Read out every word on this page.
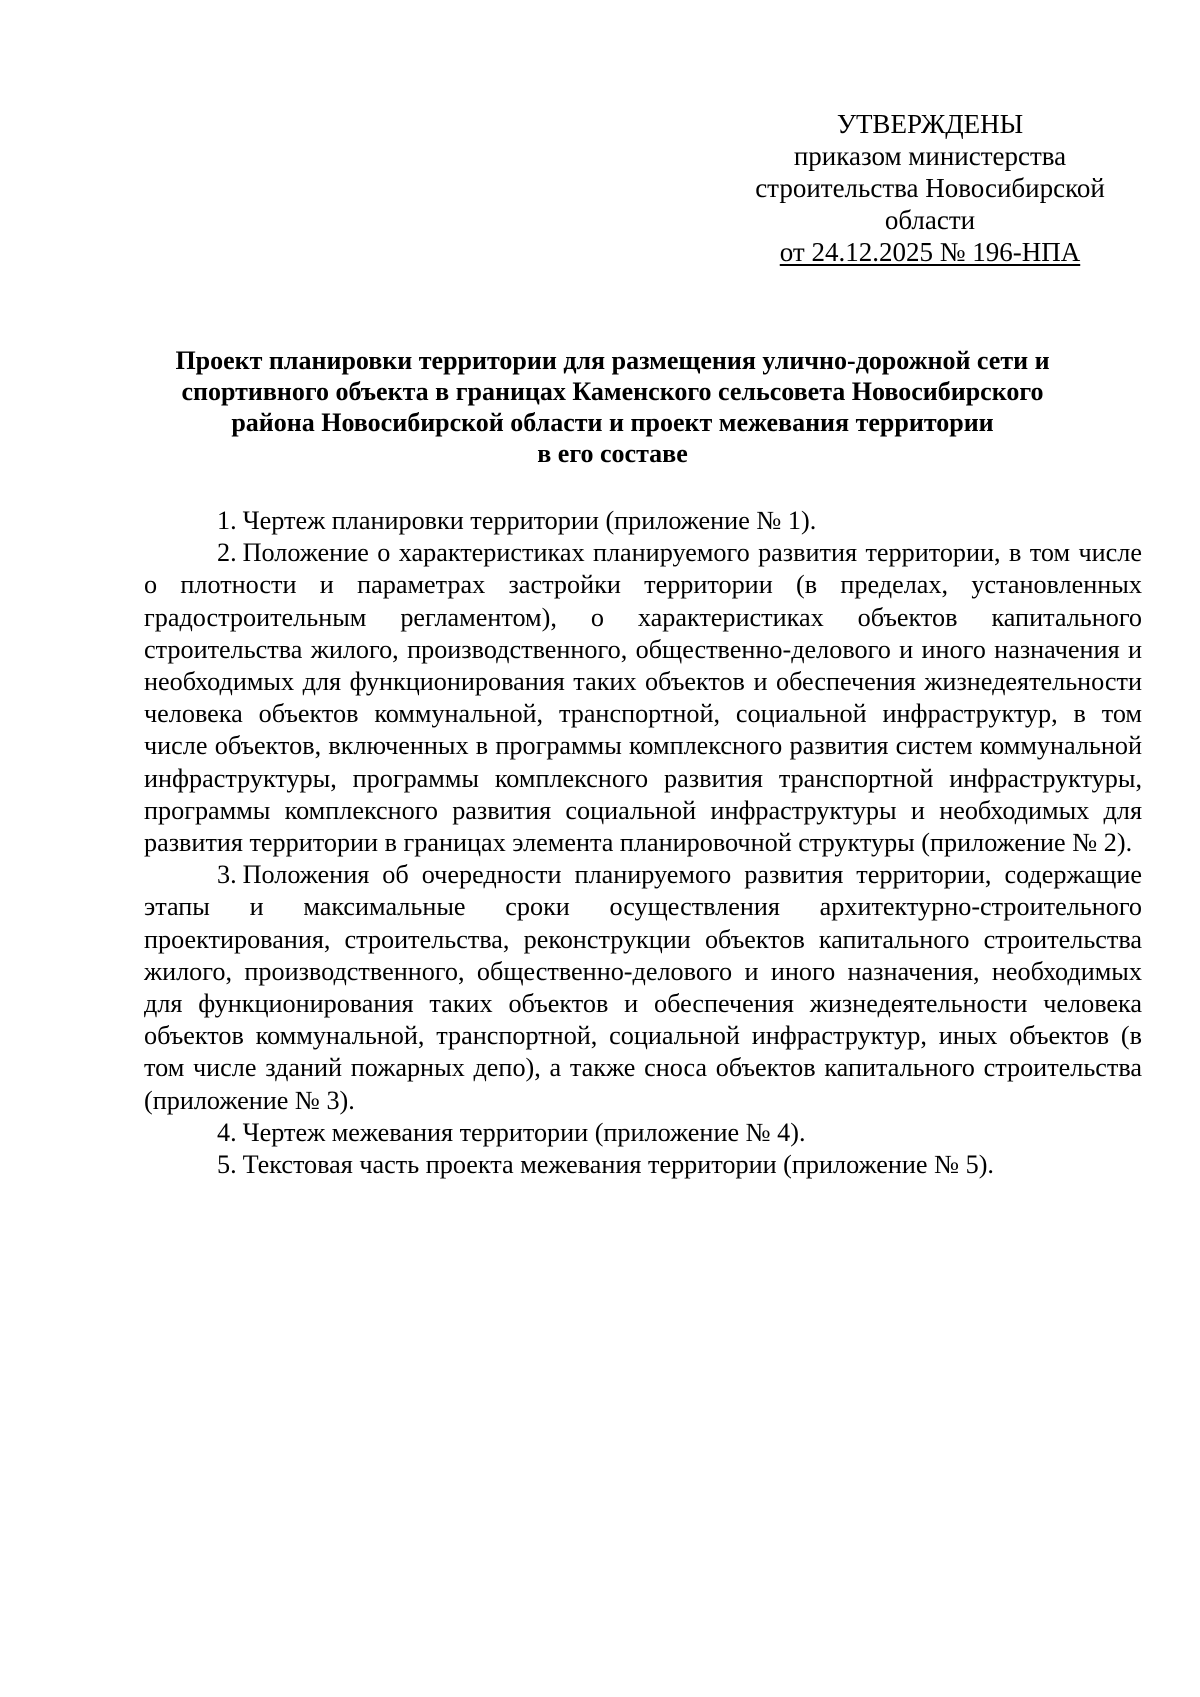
УТВЕРЖДЕНЫ
приказом министерства
строительства Новосибирской
области
от 24.12.2025 № 196-НПА
Проект планировки территории для размещения улично-дорожной сети и
спортивного объекта в границах Каменского сельсовета Новосибирского
района Новосибирской области и проект межевания территории
в его составе

1. Чертеж планировки территории (приложение № 1).

2. Положение о характеристиках планируемого развития территории, в том числе о плотности и параметрах застройки территории (в пределах, установленных градостроительным регламентом), о характеристиках объектов капитального строительства жилого, производственного, общественно-делового и иного назначения и необходимых для функционирования таких объектов и обеспечения жизнедеятельности человека объектов коммунальной, транспортной, социальной инфраструктур, в том числе объектов, включенных в программы комплексного развития систем коммунальной инфраструктуры, программы комплексного развития транспортной инфраструктуры, программы комплексного развития социальной инфраструктуры и необходимых для развития территории в границах элемента планировочной структуры (приложение № 2).

3. Положения об очередности планируемого развития территории, содержащие этапы и максимальные сроки осуществления архитектурно-строительного проектирования, строительства, реконструкции объектов капитального строительства жилого, производственного, общественно-делового и иного назначения, необходимых для функционирования таких объектов и обеспечения жизнедеятельности человека объектов коммунальной, транспортной, социальной инфраструктур, иных объектов (в том числе зданий пожарных депо), а также сноса объектов капитального строительства (приложение № 3).

4. Чертеж межевания территории (приложение № 4).

5. Текстовая часть проекта межевания территории (приложение № 5).
